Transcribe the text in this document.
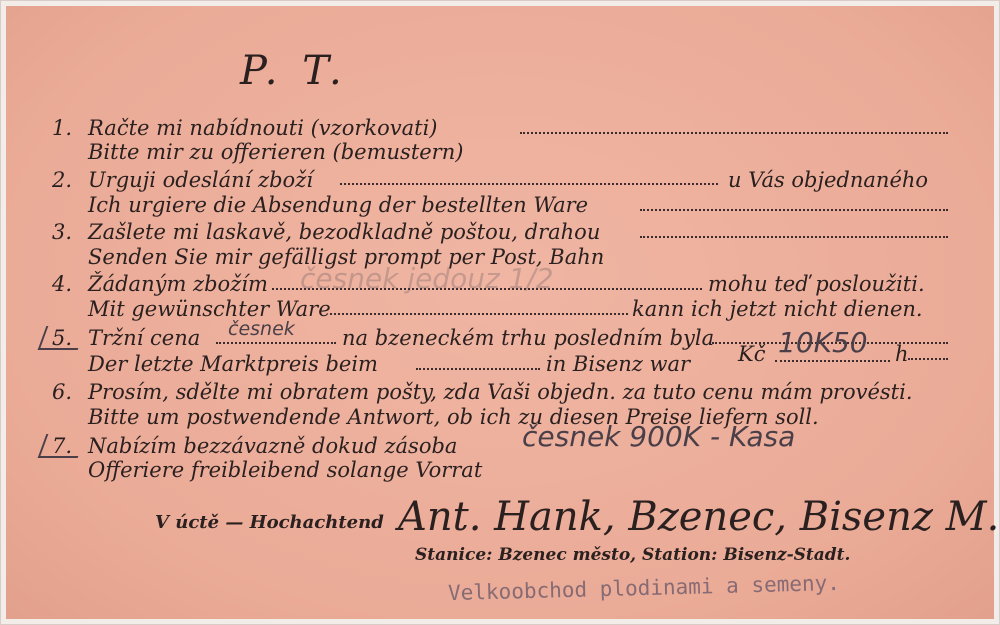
P. T.
1. Račte mi nabídnouti (vzorkovati)
Bitte mir zu offerieren (bemustern)
2. Urguji odeslání zboží	u Vás objednaného
Ich urgiere die Absendung der bestellten Ware
3. Zašlete mi laskavě, bezodkladně poštou, drahou
Senden Sie mir gefälligst prompt per Post, Bahn
4. Žádaným zbožím česnek jedouz 1/2	mohu teď posloužiti.
Mit gewünschter Ware	kann ich jetzt nicht dienen.
5. Tržní cena česnek na bzeneckém trhu posledním byla
Der letzte Marktpreis beim	in Bisenz war Kč 10K50 h
6. Prosím, sdělte mi obratem pošty, zda Vaši objedn. za tuto cenu mám provésti.
Bitte um postwendende Antwort, ob ich zu diesen Preise liefern soll.
7. Nabízím bezzávazně dokud zásoba česnek 900K - Kasa
Offeriere freibleibend solange Vorrat
V úctě — Hochachtend Ant. Hank, Bzenec, Bisenz M.
Stanice: Bzenec město, Station: Bisenz-Stadt.
Velkoobchod plodinami a semeny.
